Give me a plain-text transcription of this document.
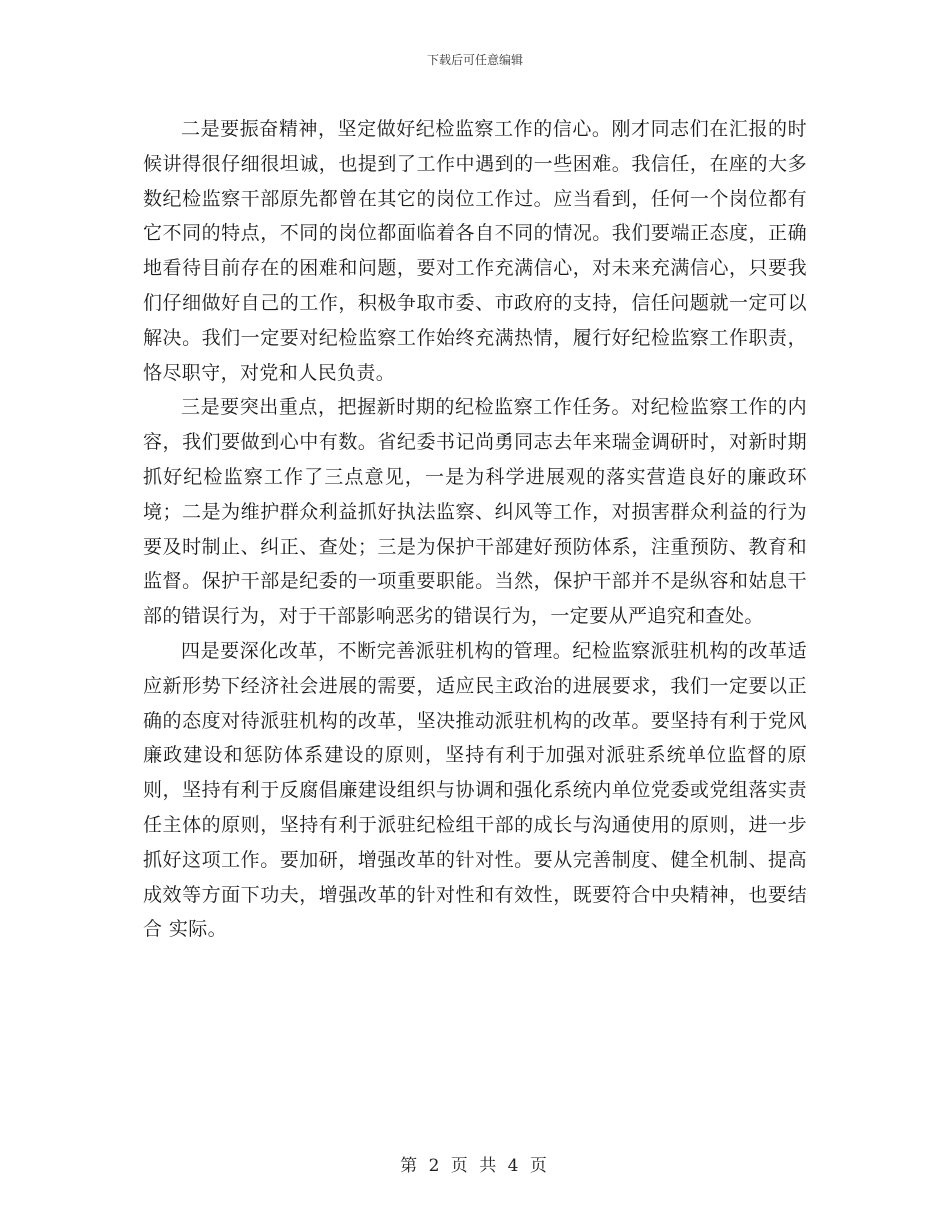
下载后可任意编辑

二是要振奋精神，坚定做好纪检监察工作的信心。刚才同志们在汇报的时候讲得很仔细很坦诚，也提到了工作中遇到的一些困难。我信任，在座的大多数纪检监察干部原先都曾在其它的岗位工作过。应当看到，任何一个岗位都有它不同的特点，不同的岗位都面临着各自不同的情况。我们要端正态度，正确地看待目前存在的困难和问题，要对工作充满信心，对未来充满信心，只要我们仔细做好自己的工作，积极争取市委、市政府的支持，信任问题就一定可以解决。我们一定要对纪检监察工作始终充满热情，履行好纪检监察工作职责，恪尽职守，对党和人民负责。

三是要突出重点，把握新时期的纪检监察工作任务。对纪检监察工作的内容，我们要做到心中有数。省纪委书记尚勇同志去年来瑞金调研时，对新时期抓好纪检监察工作了三点意见，一是为科学进展观的落实营造良好的廉政环境；二是为维护群众利益抓好执法监察、纠风等工作，对损害群众利益的行为要及时制止、纠正、查处；三是为保护干部建好预防体系，注重预防、教育和监督。保护干部是纪委的一项重要职能。当然，保护干部并不是纵容和姑息干部的错误行为，对于干部影响恶劣的错误行为，一定要从严追究和查处。

四是要深化改革，不断完善派驻机构的管理。纪检监察派驻机构的改革适应新形势下经济社会进展的需要，适应民主政治的进展要求，我们一定要以正确的态度对待派驻机构的改革，坚决推动派驻机构的改革。要坚持有利于党风廉政建设和惩防体系建设的原则，坚持有利于加强对派驻系统单位监督的原则，坚持有利于反腐倡廉建设组织与协调和强化系统内单位党委或党组落实责任主体的原则，坚持有利于派驻纪检组干部的成长与沟通使用的原则，进一步抓好这项工作。要加研，增强改革的针对性。要从完善制度、健全机制、提高成效等方面下功夫，增强改革的针对性和有效性，既要符合中央精神，也要结合 实际。

第 2 页 共 4 页
